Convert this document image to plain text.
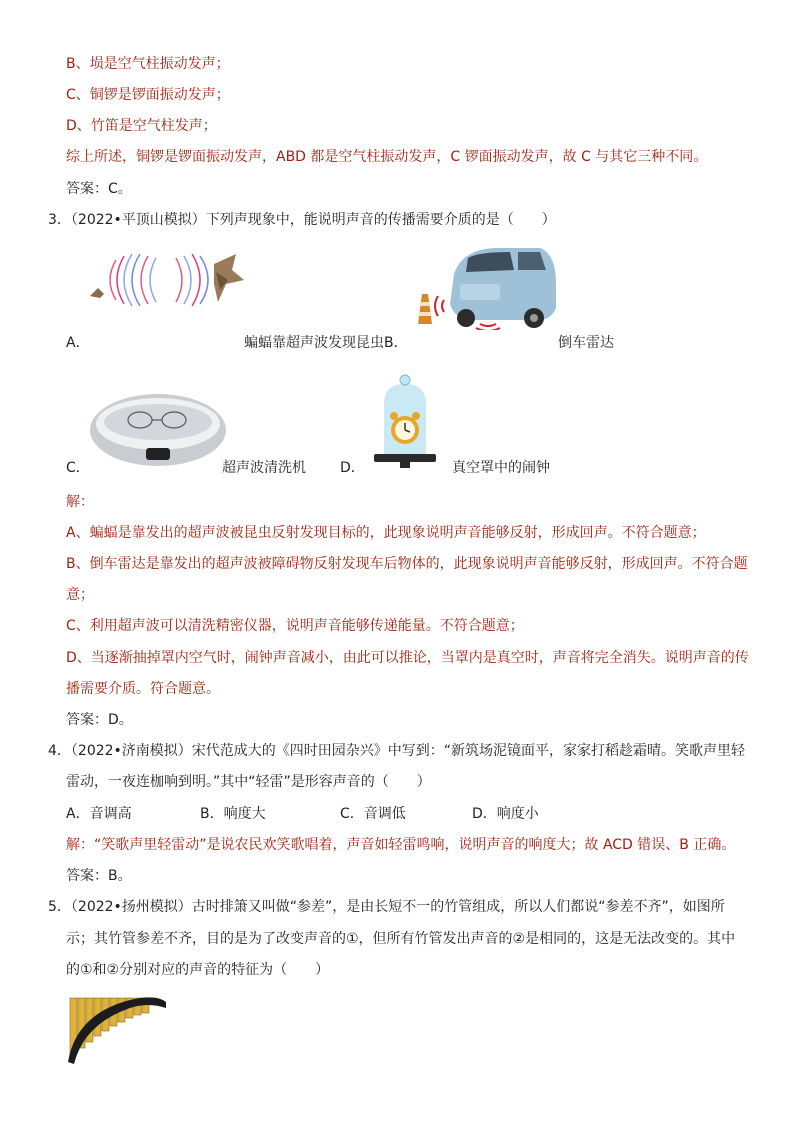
B、埙是空气柱振动发声；
C、铜锣是锣面振动发声；
D、竹笛是空气柱发声；
综上所述，铜锣是锣面振动发声，ABD 都是空气柱振动发声，C 锣面振动发声，故 C 与其它三种不同。
答案：C。
3．（2022•平顶山模拟）下列声现象中，能说明声音的传播需要介质的是（　　）
A．	蝙蝠靠超声波发现昆虫 B．	倒车雷达
C．	超声波清洗机 D．	真空罩中的闹钟
解：
A、蝙蝠是靠发出的超声波被昆虫反射发现目标的，此现象说明声音能够反射，形成回声。不符合题意；
B、倒车雷达是靠发出的超声波被障碍物反射发现车后物体的，此现象说明声音能够反射，形成回声。不符合题
意；
C、利用超声波可以清洗精密仪器，说明声音能够传递能量。不符合题意；
D、当逐渐抽掉罩内空气时，闹钟声音减小，由此可以推论，当罩内是真空时，声音将完全消失。说明声音的传
播需要介质。符合题意。
答案：D。
4．（2022•济南模拟）宋代范成大的《四时田园杂兴》中写到：“新筑场泥镜面平，家家打稻趁霜晴。笑歌声里轻
雷动，一夜连枷响到明。”其中“轻雷”是形容声音的（　　）
A．音调高	B．响度大	C．音调低	D．响度小
解：“笑歌声里轻雷动”是说农民欢笑歌唱着，声音如轻雷鸣响，说明声音的响度大；故 ACD 错误、B 正确。
答案：B。
5．（2022•扬州模拟）古时排箫又叫做“参差”，是由长短不一的竹管组成，所以人们都说“参差不齐”，如图所
示；其竹管参差不齐，目的是为了改变声音的①，但所有竹管发出声音的②是相同的，这是无法改变的。其中
的①和②分别对应的声音的特征为（　　）
